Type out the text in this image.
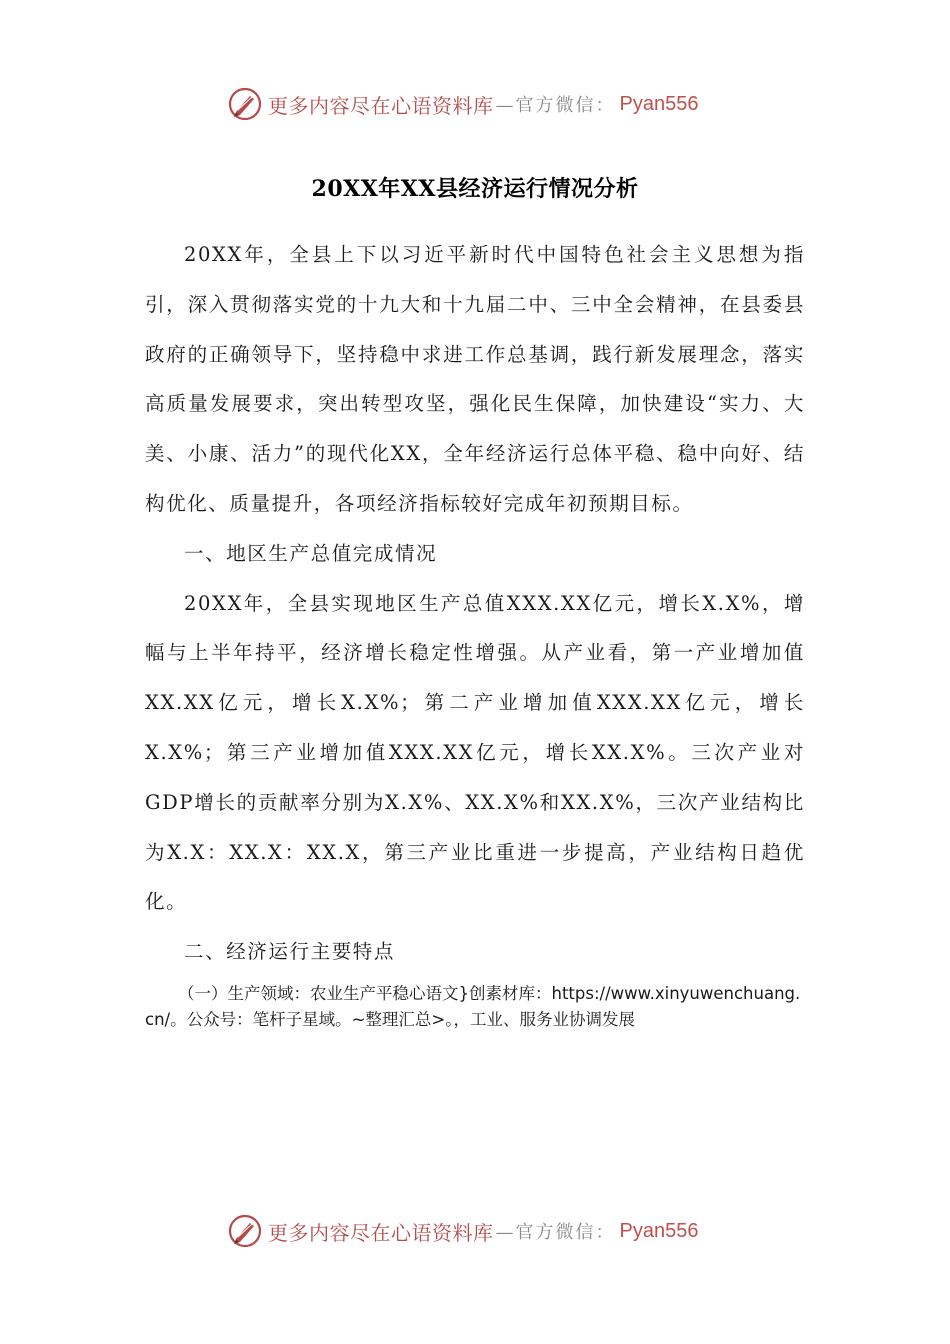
更多内容尽在心语资料库 —官方微信： Pyan556
20XX年XX县经济运行情况分析

20XX年，全县上下以习近平新时代中国特色社会主义思想为指引，深入贯彻落实党的十九大和十九届二中、三中全会精神，在县委县政府的正确领导下，坚持稳中求进工作总基调，践行新发展理念，落实高质量发展要求，突出转型攻坚，强化民生保障，加快建设“实力、大美、小康、活力”的现代化XX，全年经济运行总体平稳、稳中向好、结构优化、质量提升，各项经济指标较好完成年初预期目标。

一、地区生产总值完成情况

20XX年，全县实现地区生产总值XXX.XX亿元，增长X.X%，增幅与上半年持平，经济增长稳定性增强。从产业看，第一产业增加值XX.XX亿元，增长X.X%；第二产业增加值XXX.XX亿元，增长X.X%；第三产业增加值XXX.XX亿元，增长XX.X%。三次产业对GDP增长的贡献率分别为X.X%、XX.X%和XX.X%，三次产业结构比为X.X：XX.X：XX.X，第三产业比重进一步提高，产业结构日趋优化。

二、经济运行主要特点

（一）生产领域：农业生产平稳心语文}创素材库：https://www.xinyuwenchuang.cn/。公众号：笔杆子星域。~整理汇总>。，工业、服务业协调发展

更多内容尽在心语资料库 —官方微信： Pyan556
